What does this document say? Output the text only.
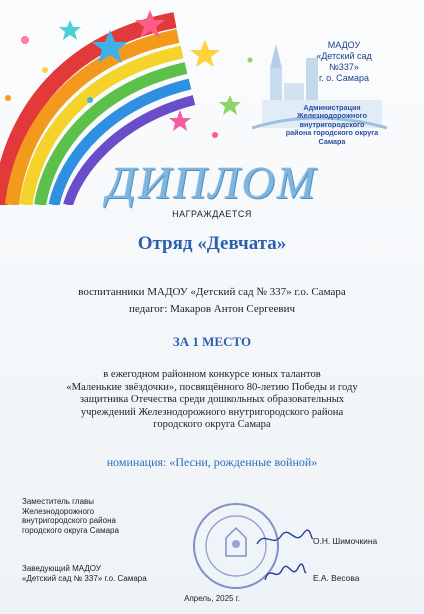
МАДОУ
«Детский сад
№337»
г. о. Самара
Администрация
Железнодорожного
внутригородского
района городского округа
Самара
ДИПЛОМ
НАГРАЖДАЕТСЯ
Отряд «Девчата»
воспитанники МАДОУ «Детский сад № 337» г.о. Самара
педагог: Макаров Антон Сергеевич
ЗА 1 МЕСТО
в ежегодном районном конкурсе юных талантов
«Маленькие звёздочки», посвящённого 80-летию Победы и году
защитника Отечества среди дошкольных образовательных
учреждений Железнодорожного внутригородского района
городского округа Самара
номинация: «Песни, рожденные войной»
Заместитель главы
Железнодорожного
внутригородского района
городского округа Самара
Заведующий МАДОУ
«Детский сад № 337» г.о. Самара
О.Н. Шимочкина
Е.А. Весова
Апрель, 2025 г.
